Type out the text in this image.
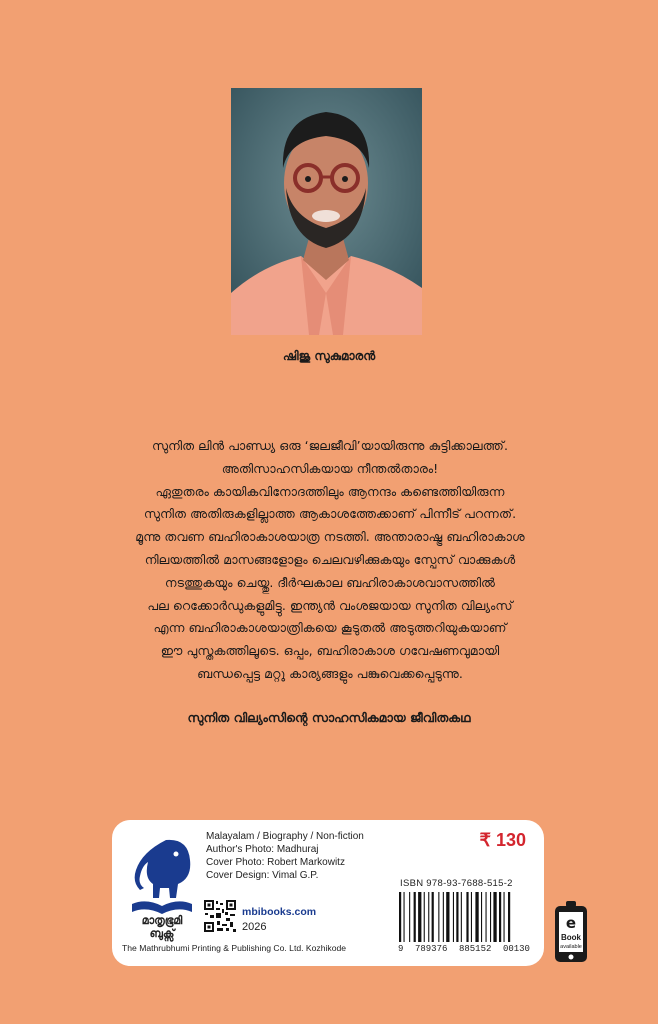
ഷിജു സുകുമാരൻ
സുനിത ലിൻ പാണ്ഡ്യ ഒരു ‘ജലജീവി’യായിരുന്നു കുട്ടിക്കാലത്ത്.
അതിസാഹസികയായ നീന്തൽതാരം!
ഏതുതരം കായികവിനോദത്തിലും ആനന്ദം കണ്ടെത്തിയിരുന്ന
സുനിത അതിരുകളില്ലാത്ത ആകാശത്തേക്കാണ് പിന്നീട് പറന്നത്.
മൂന്നു തവണ ബഹിരാകാശയാത്ര നടത്തി. അന്താരാഷ്ട്ര ബഹിരാകാശ
നിലയത്തിൽ മാസങ്ങളോളം ചെലവഴിക്കുകയും സ്പേസ് വാക്കുകൾ
നടത്തുകയും ചെയ്തു. ദീർഘകാല ബഹിരാകാശവാസത്തിൽ
പല റെക്കോർഡുകളുമിട്ടു. ഇന്ത്യൻ വംശജയായ സുനിത വില്യംസ്
എന്ന ബഹിരാകാശയാത്രികയെ കൂടുതൽ അടുത്തറിയുകയാണ്
ഈ പുസ്തകത്തിലൂടെ. ഒപ്പം, ബഹിരാകാശ ഗവേഷണവുമായി
ബന്ധപ്പെട്ട മറ്റു കാര്യങ്ങളും പങ്കുവെക്കപ്പെടുന്നു.
സുനിത വില്യംസിന്റെ സാഹസികമായ ജീവിതകഥ
മാതൃഭൂമി
ബുക്സ്
Malayalam / Biography / Non-fiction
Author's Photo: Madhuraj
Cover Photo: Robert Markowitz
Cover Design: Vimal G.P.
₹ 130
mbibooks.com
2026
The Mathrubhumi Printing & Publishing Co. Ltd. Kozhikode
ISBN 978-93-7688-515-2
9 789376 885152 00130
e
Book
available
